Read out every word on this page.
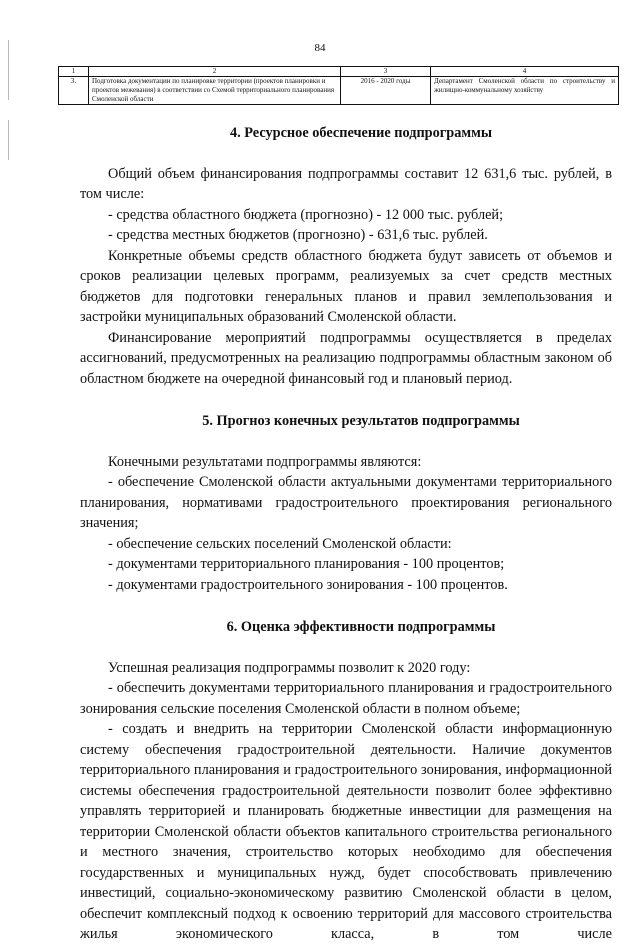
84
1	2	3	4
3.	Подготовка документации по планировке территории (проектов планировки и проектов межевания) в соответствии со Схемой территориального планирования Смоленской области	2016 - 2020 годы	Департамент Смоленской области по строительству и жилищно-коммунальному хозяйству
4. Ресурсное обеспечение подпрограммы

Общий объем финансирования подпрограммы составит 12 631,6 тыс. рублей, в том числе:

- средства областного бюджета (прогнозно) - 12 000 тыс. рублей;

- средства местных бюджетов (прогнозно) - 631,6 тыс. рублей.

Конкретные объемы средств областного бюджета будут зависеть от объемов и сроков реализации целевых программ, реализуемых за счет средств местных бюджетов для подготовки генеральных планов и правил землепользования и застройки муниципальных образований Смоленской области.

Финансирование мероприятий подпрограммы осуществляется в пределах ассигнований, предусмотренных на реализацию подпрограммы областным законом об областном бюджете на очередной финансовый год и плановый период.

5. Прогноз конечных результатов подпрограммы

Конечными результатами подпрограммы являются:

- обеспечение Смоленской области актуальными документами территориального планирования, нормативами градостроительного проектирования регионального значения;

- обеспечение сельских поселений Смоленской области:

- документами территориального планирования - 100 процентов;

- документами градостроительного зонирования - 100 процентов.

6. Оценка эффективности подпрограммы

Успешная реализация подпрограммы позволит к 2020 году:

- обеспечить документами территориального планирования и градостроительного зонирования сельские поселения Смоленской области в полном объеме;

- создать и внедрить на территории Смоленской области информационную систему обеспечения градостроительной деятельности. Наличие документов территориального планирования и градостроительного зонирования, информационной системы обеспечения градостроительной деятельности позволит более эффективно управлять территорией и планировать бюджетные инвестиции для размещения на территории Смоленской области объектов капитального строительства регионального и местного значения, строительство которых необходимо для обеспечения государственных и муниципальных нужд, будет способствовать привлечению инвестиций, социально-экономическому развитию Смоленской области в целом, обеспечит комплексный подход к освоению территорий для массового строительства жилья экономического класса, в том числе
